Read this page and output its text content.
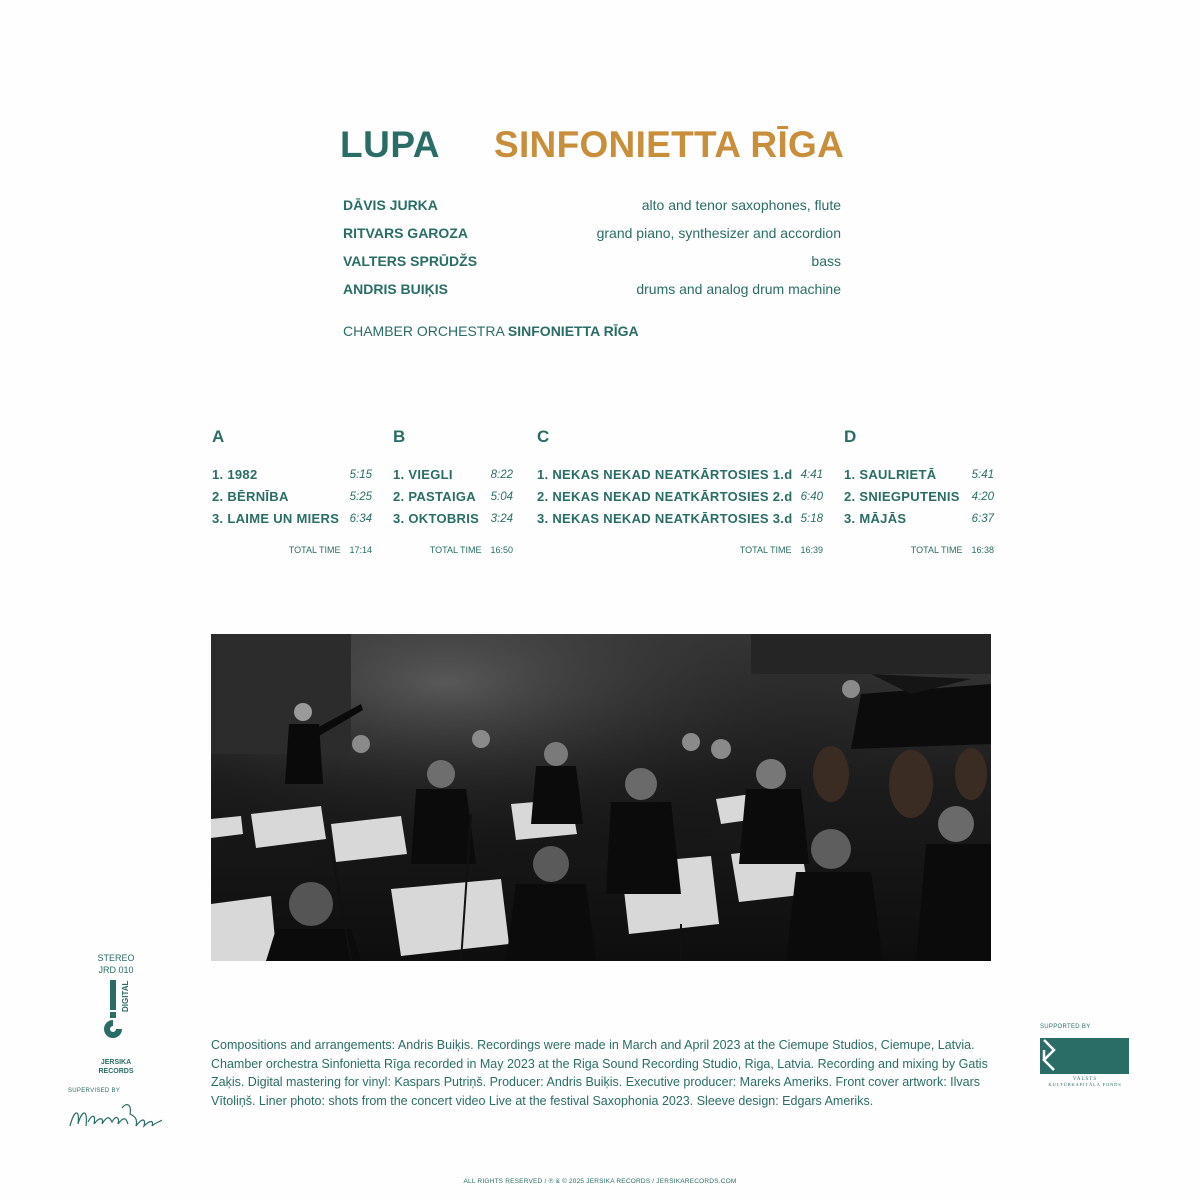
LUPA SINFONIETTA RĪGA
DĀVIS JURKA	alto and tenor saxophones, flute
RITVARS GAROZA	grand piano, synthesizer and accordion
VALTERS SPRŪDŽS	bass
ANDRIS BUIĶIS	drums and analog drum machine
CHAMBER ORCHESTRA SINFONIETTA RĪGA
A
1. 1982	5:15
2. BĒRNĪBA	5:25
3. LAIME UN MIERS 6:34
TOTAL TIME 17:14
B
1. VIEGLI	8:22
2. PASTAIGA 5:04
3. OKTOBRIS 3:24
TOTAL TIME 16:50
C
1. NEKAS NEKAD NEATKĀRTOSIES 1.d 4:41
2. NEKAS NEKAD NEATKĀRTOSIES 2.d 6:40
3. NEKAS NEKAD NEATKĀRTOSIES 3.d 5:18
TOTAL TIME 16:39
D
1. SAULRIETĀ	5:41
2. SNIEGPUTENIS 4:20
3. MĀJĀS	6:37
TOTAL TIME 16:38
Compositions and arrangements: Andris Buiķis. Recordings were made in March and April 2023 at the Ciemupe Studios, Ciemupe, Latvia. Chamber orchestra Sinfonietta Rīga recorded in May 2023 at the Riga Sound Recording Studio, Riga, Latvia. Recording and mixing by Gatis Zaķis. Digital mastering for vinyl: Kaspars Putriņš. Producer: Andris Buiķis. Executive producer: Mareks Ameriks. Front cover artwork: Ilvars Vītoliņš. Liner photo: shots from the concert video Live at the festival Saxophonia 2023. Sleeve design: Edgars Ameriks.
STEREO
JRD 010
DIGITAL
JERSIKA
RECORDS
SUPERVISED BY
SUPPORTED BY
VALSTS
KULTŪRKAPITĀLA FONDS
ALL RIGHTS RESERVED / ℗ & © 2025 JERSIKA RECORDS / JERSIKARECORDS.COM
